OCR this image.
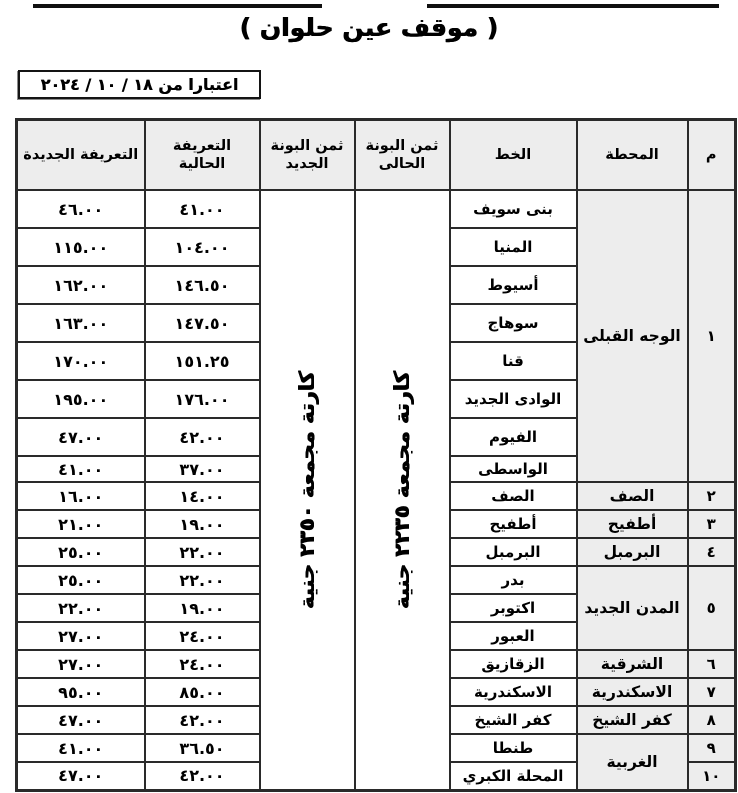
( موقف عين حلوان )
اعتبارا من ١٨ / ١٠ / ٢٠٢٤
م	المحطة	الخط	ثمن البونة الحالى	ثمن البونة الجديد	التعريفة الحالية	التعريفة الجديدة
١	الوجه القبلى	بنى سويف	كارتة مجمعة ٢٢٣٥ جنية	كارتة مجمعة ٢٣٥٠ جنية	٤١.٠٠	٤٦.٠٠
		المنيا			١٠٤.٠٠	١١٥.٠٠
		أسيوط			١٤٦.٥٠	١٦٢.٠٠
		سوهاج			١٤٧.٥٠	١٦٣.٠٠
		قنا			١٥١.٢٥	١٧٠.٠٠
		الوادى الجديد			١٧٦.٠٠	١٩٥.٠٠
		الفيوم			٤٢.٠٠	٤٧.٠٠
		الواسطى			٣٧.٠٠	٤١.٠٠
٢	الصف	الصف			١٤.٠٠	١٦.٠٠
٣	أطفيح	أطفيح			١٩.٠٠	٢١.٠٠
٤	البرمبل	البرمبل			٢٢.٠٠	٢٥.٠٠
٥	المدن الجديد	بدر			٢٢.٠٠	٢٥.٠٠
		اكتوبر			١٩.٠٠	٢٢.٠٠
		العبور			٢٤.٠٠	٢٧.٠٠
٦	الشرقية	الزقازيق			٢٤.٠٠	٢٧.٠٠
٧	الاسكندرية	الاسكندرية			٨٥.٠٠	٩٥.٠٠
٨	كفر الشيخ	كفر الشيخ			٤٢.٠٠	٤٧.٠٠
٩	الغربية	طنطا			٣٦.٥٠	٤١.٠٠
١٠		المحلة الكبري			٤٢.٠٠	٤٧.٠٠
